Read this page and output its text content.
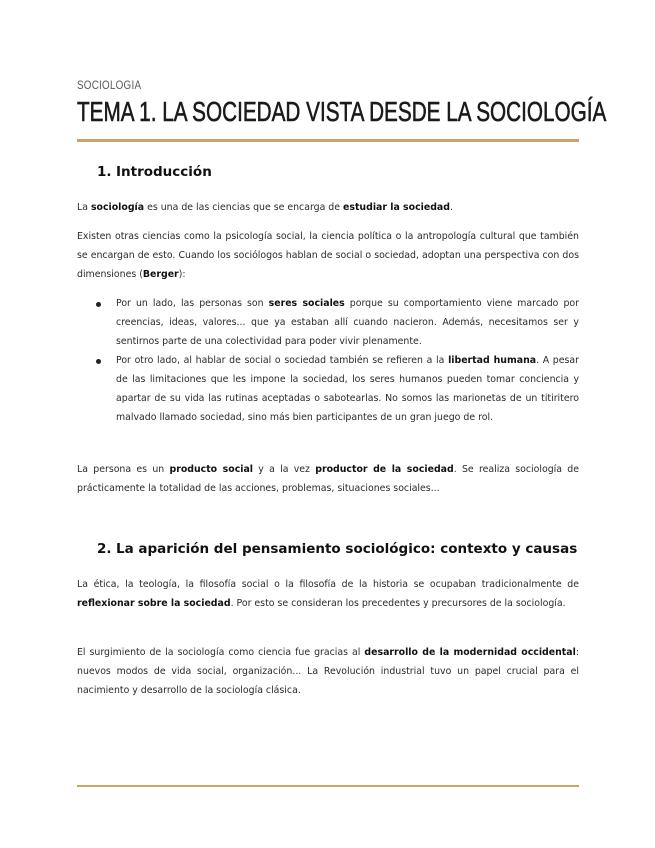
SOCIOLOGIA
TEMA 1. LA SOCIEDAD VISTA DESDE LA SOCIOLOGÍA
1. Introducción

La sociología es una de las ciencias que se encarga de estudiar la sociedad.

Existen otras ciencias como la psicología social, la ciencia política o la antropología cultural que también se encargan de esto. Cuando los sociólogos hablan de social o sociedad, adoptan una perspectiva con dos dimensiones (Berger):

Por un lado, las personas son seres sociales porque su comportamiento viene marcado por creencias, ideas, valores... que ya estaban allí cuando nacieron. Además, necesitamos ser y sentirnos parte de una colectividad para poder vivir plenamente.
Por otro lado, al hablar de social o sociedad también se refieren a la libertad humana. A pesar de las limitaciones que les impone la sociedad, los seres humanos pueden tomar conciencia y apartar de su vida las rutinas aceptadas o sabotearlas. No somos las marionetas de un titiritero malvado llamado sociedad, sino más bien participantes de un gran juego de rol.

La persona es un producto social y a la vez productor de la sociedad. Se realiza sociología de prácticamente la totalidad de las acciones, problemas, situaciones sociales...

2. La aparición del pensamiento sociológico: contexto y causas

La ética, la teología, la filosofía social o la filosofía de la historia se ocupaban tradicionalmente de reflexionar sobre la sociedad. Por esto se consideran los precedentes y precursores de la sociología.

El surgimiento de la sociología como ciencia fue gracias al desarrollo de la modernidad occidental: nuevos modos de vida social, organización... La Revolución industrial tuvo un papel crucial para el nacimiento y desarrollo de la sociología clásica.
